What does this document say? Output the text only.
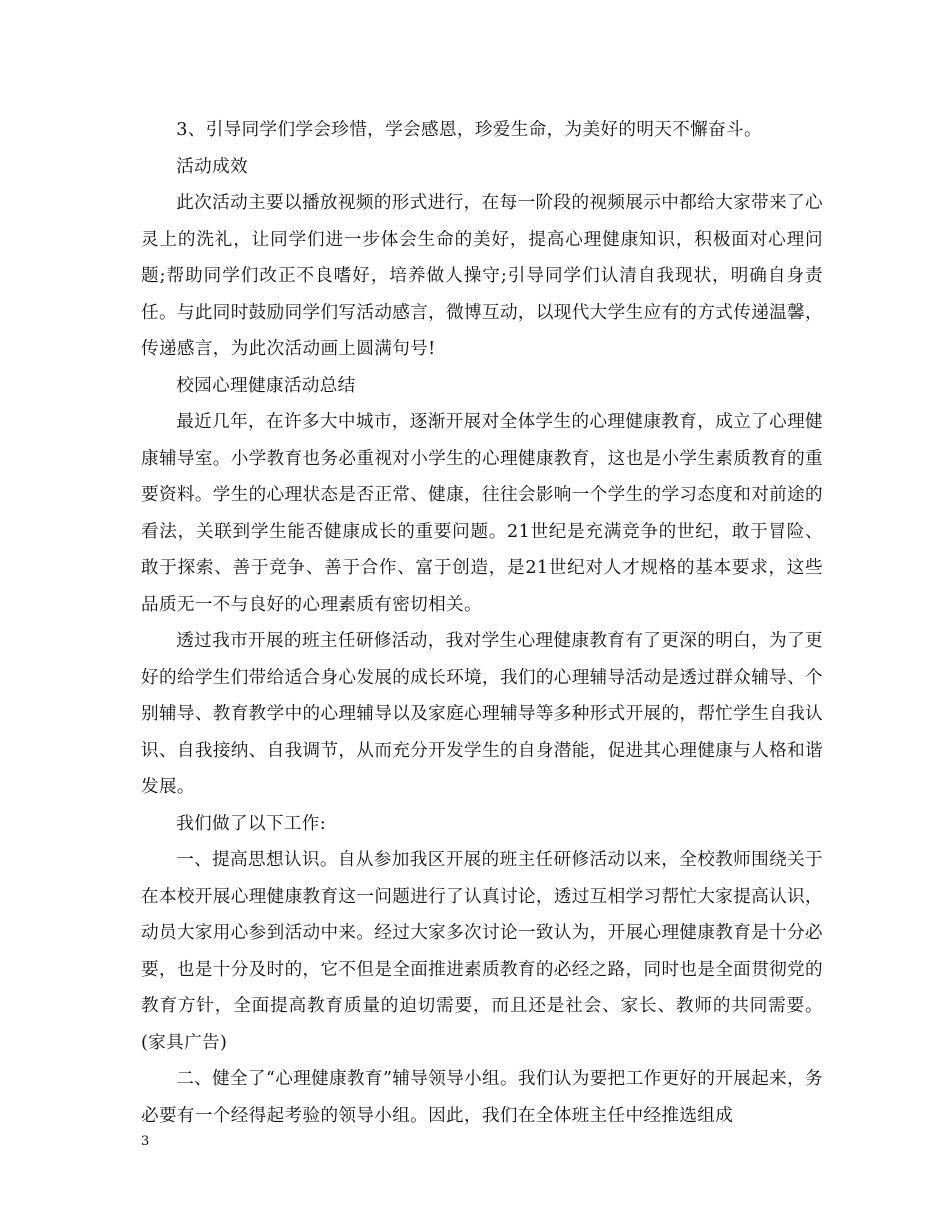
3、引导同学们学会珍惜，学会感恩，珍爱生命，为美好的明天不懈奋斗。

活动成效

此次活动主要以播放视频的形式进行，在每一阶段的视频展示中都给大家带来了心灵上的洗礼，让同学们进一步体会生命的美好，提高心理健康知识，积极面对心理问题;帮助同学们改正不良嗜好，培养做人操守;引导同学们认清自我现状，明确自身责任。与此同时鼓励同学们写活动感言，微博互动，以现代大学生应有的方式传递温馨，传递感言，为此次活动画上圆满句号!

校园心理健康活动总结

最近几年，在许多大中城市，逐渐开展对全体学生的心理健康教育，成立了心理健康辅导室。小学教育也务必重视对小学生的心理健康教育，这也是小学生素质教育的重要资料。学生的心理状态是否正常、健康，往往会影响一个学生的学习态度和对前途的看法，关联到学生能否健康成长的重要问题。21世纪是充满竞争的世纪，敢于冒险、敢于探索、善于竞争、善于合作、富于创造，是21世纪对人才规格的基本要求，这些品质无一不与良好的心理素质有密切相关。

透过我市开展的班主任研修活动，我对学生心理健康教育有了更深的明白，为了更好的给学生们带给适合身心发展的成长环境，我们的心理辅导活动是透过群众辅导、个别辅导、教育教学中的心理辅导以及家庭心理辅导等多种形式开展的，帮忙学生自我认识、自我接纳、自我调节，从而充分开发学生的自身潜能，促进其心理健康与人格和谐发展。

我们做了以下工作:

一、提高思想认识。自从参加我区开展的班主任研修活动以来，全校教师围绕关于在本校开展心理健康教育这一问题进行了认真讨论，透过互相学习帮忙大家提高认识，动员大家用心参到活动中来。经过大家多次讨论一致认为，开展心理健康教育是十分必要，也是十分及时的，它不但是全面推进素质教育的必经之路，同时也是全面贯彻党的教育方针，全面提高教育质量的迫切需要，而且还是社会、家长、教师的共同需要。(家具广告)

二、健全了“心理健康教育”辅导领导小组。我们认为要把工作更好的开展起来，务必要有一个经得起考验的领导小组。因此，我们在全体班主任中经推选组成

3
